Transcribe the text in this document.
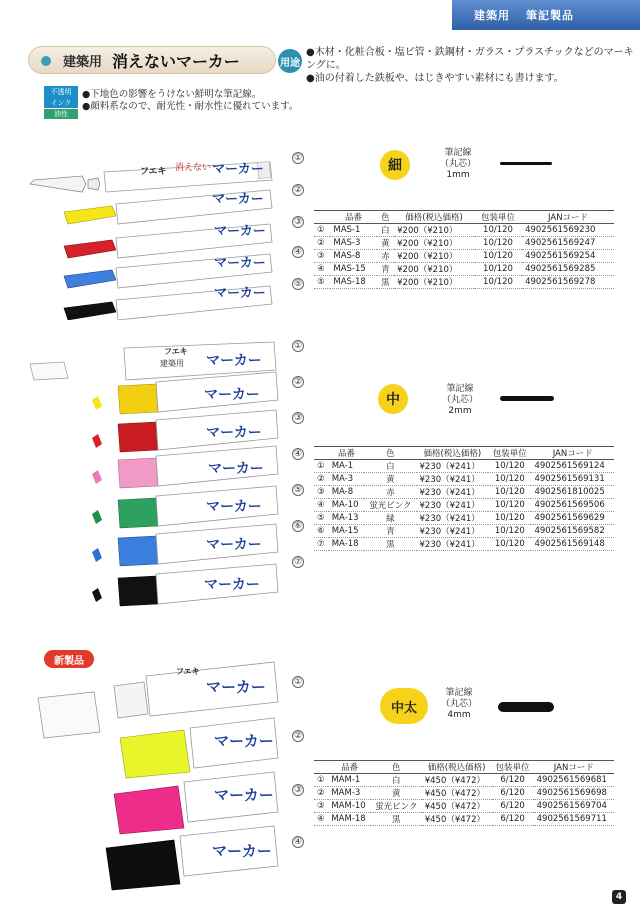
建築用 筆記製品
建築用 消えないマーカー	用途
●木材・化粧合板・塩ビ管・鉄鋼材・ガラス・プラスチックなどのマーキングに。
●油の付着した鉄板や、はじきやすい素材にも書けます。
不透明
インク
油性
●下地色の影響をうけない鮮明な筆記線。
●顔料系なので、耐光性・耐水性に優れています。
フエキ 消えない マーカー
マーカー
マーカー
マーカー
マーカー
①
②
③
④
⑤
細
筆記線
（丸芯）
1mm
	品番	色	価格(税込価格)	包装単位	JANコード
①	MAS-1	白	¥200（¥210）	10/120	4902561569230
②	MAS-3	黄	¥200（¥210）	10/120	4902561569247
③	MAS-8	赤	¥200（¥210）	10/120	4902561569254
④	MAS-15	青	¥200（¥210）	10/120	4902561569285
⑤	MAS-18	黒	¥200（¥210）	10/120	4902561569278
フエキ
建築用 マーカー
マーカー
マーカー
マーカー
マーカー
マーカー
マーカー
①
②
③
④
⑤
⑥
⑦
中
筆記線
（丸芯）
2mm
	品番	色	価格(税込価格)	包装単位	JANコード
①	MA-1	白	¥230（¥241）	10/120	4902561569124
②	MA-3	黄	¥230（¥241）	10/120	4902561569131
③	MA-8	赤	¥230（¥241）	10/120	4902561810025
④	MA-10	蛍光ピンク	¥230（¥241）	10/120	4902561569506
⑤	MA-13	緑	¥230（¥241）	10/120	4902561569629
⑥	MA-15	青	¥230（¥241）	10/120	4902561569582
⑦	MA-18	黒	¥230（¥241）	10/120	4902561569148
新製品
フエキ
マーカー
マーカー
マーカー
マーカー
①
②
③
④
中太
筆記線
（丸芯）
4mm
	品番	色	価格(税込価格)	包装単位	JANコード
①	MAM-1	白	¥450（¥472）	6/120	4902561569681
②	MAM-3	黄	¥450（¥472）	6/120	4902561569698
③	MAM-10	蛍光ピンク	¥450（¥472）	6/120	4902561569704
④	MAM-18	黒	¥450（¥472）	6/120	4902561569711
4
